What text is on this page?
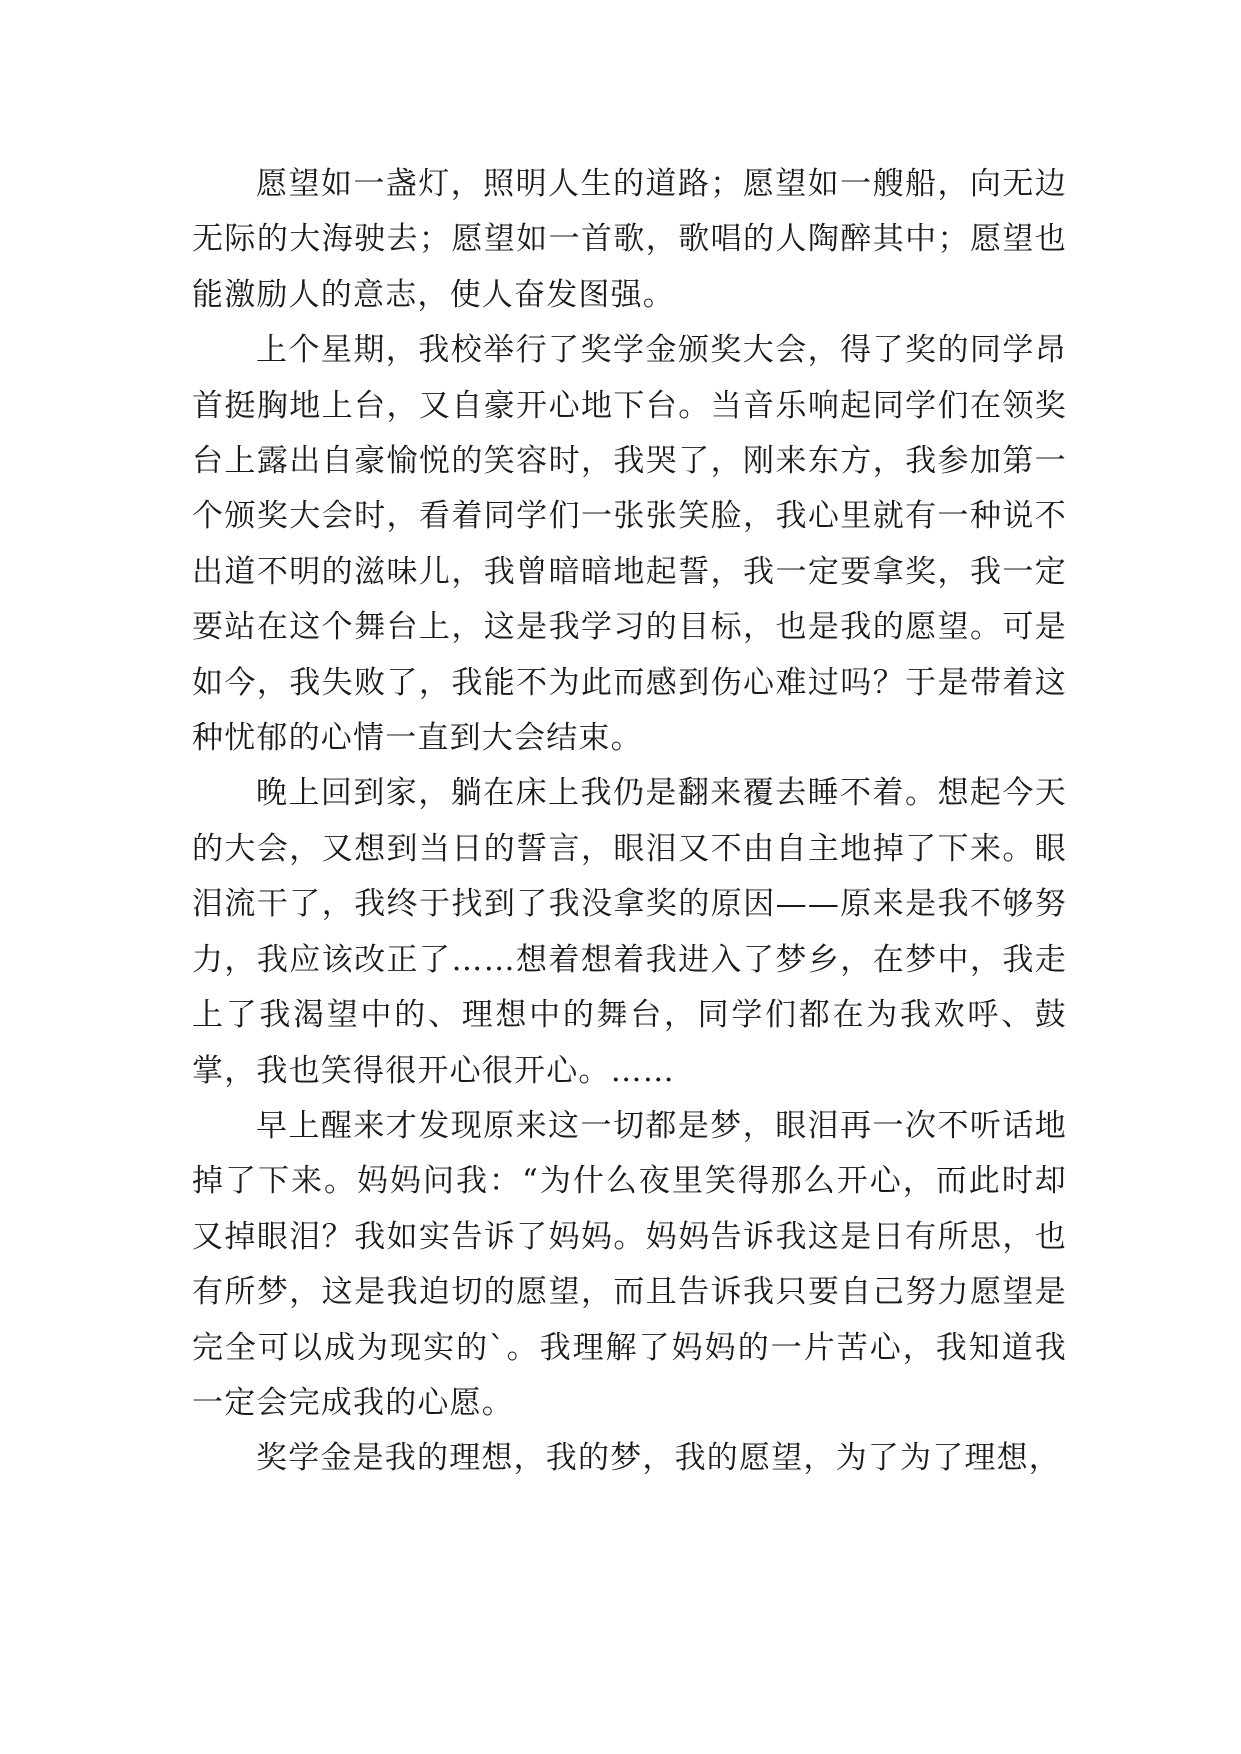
愿望如一盏灯，照明人生的道路；愿望如一艘船，向无边无际的大海驶去；愿望如一首歌，歌唱的人陶醉其中；愿望也能激励人的意志，使人奋发图强。

上个星期，我校举行了奖学金颁奖大会，得了奖的同学昂首挺胸地上台，又自豪开心地下台。当音乐响起同学们在领奖台上露出自豪愉悦的笑容时，我哭了，刚来东方，我参加第一个颁奖大会时，看着同学们一张张笑脸，我心里就有一种说不出道不明的滋味儿，我曾暗暗地起誓，我一定要拿奖，我一定要站在这个舞台上，这是我学习的目标，也是我的愿望。可是如今，我失败了，我能不为此而感到伤心难过吗？于是带着这种忧郁的心情一直到大会结束。

晚上回到家，躺在床上我仍是翻来覆去睡不着。想起今天的大会，又想到当日的誓言，眼泪又不由自主地掉了下来。眼泪流干了，我终于找到了我没拿奖的原因——原来是我不够努力，我应该改正了……想着想着我进入了梦乡，在梦中，我走上了我渴望中的、理想中的舞台，同学们都在为我欢呼、鼓掌，我也笑得很开心很开心。……

早上醒来才发现原来这一切都是梦，眼泪再一次不听话地掉了下来。妈妈问我：“为什么夜里笑得那么开心，而此时却又掉眼泪？我如实告诉了妈妈。妈妈告诉我这是日有所思，也有所梦，这是我迫切的愿望，而且告诉我只要自己努力愿望是完全可以成为现实的`。我理解了妈妈的一片苦心，我知道我一定会完成我的心愿。

奖学金是我的理想，我的梦，我的愿望，为了为了理想，
